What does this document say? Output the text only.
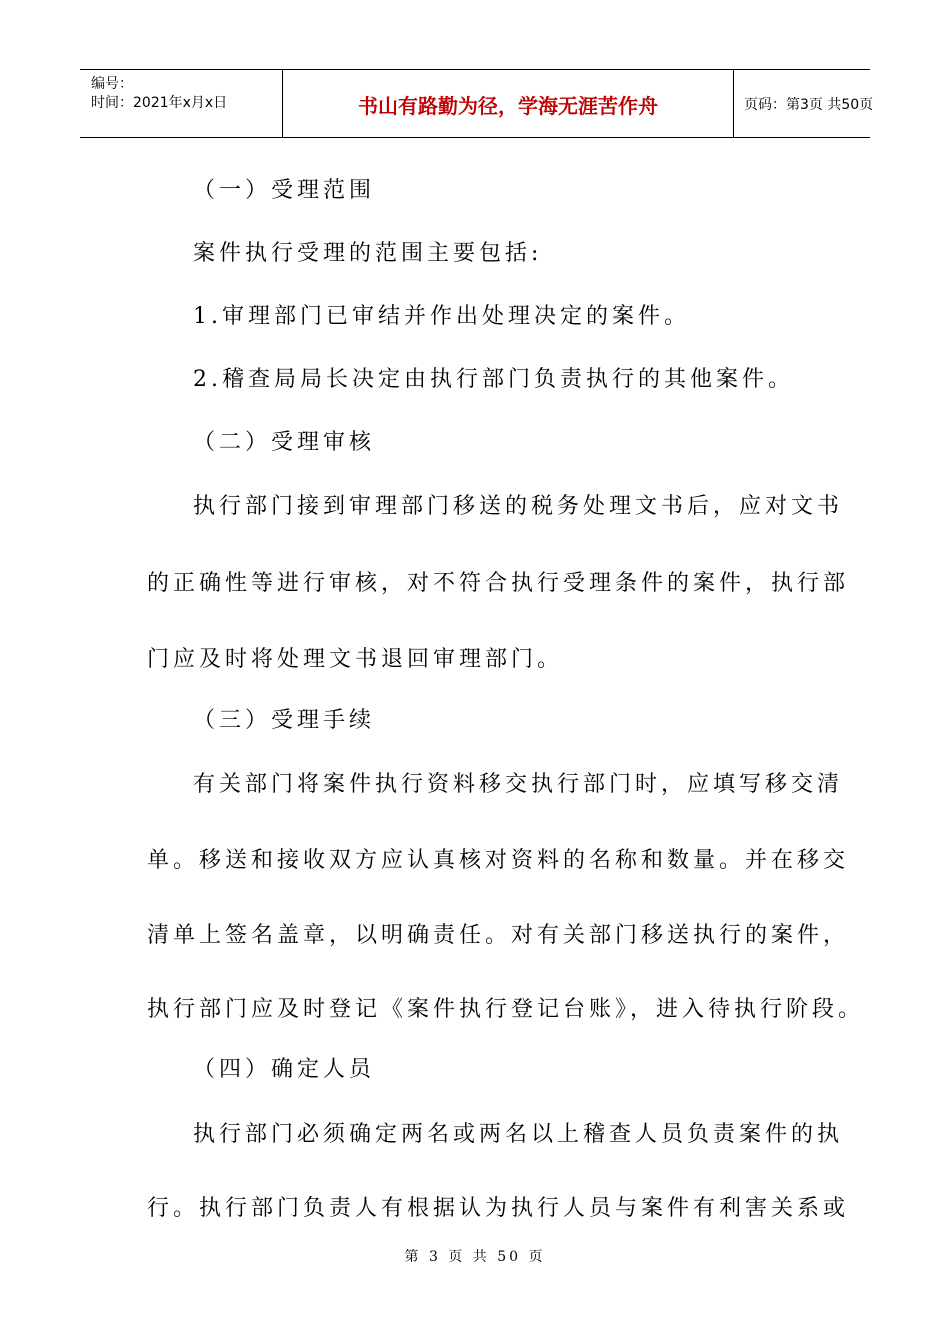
编号：
时间：2021年x月x日	书山有路勤为径，学海无涯苦作舟	页码：第3页 共50页
（一）受理范围
案件执行受理的范围主要包括:
1.审理部门已审结并作出处理决定的案件。
2.稽查局局长决定由执行部门负责执行的其他案件。
（二）受理审核
执行部门接到审理部门移送的税务处理文书后，应对文书
的正确性等进行审核，对不符合执行受理条件的案件，执行部
门应及时将处理文书退回审理部门。
（三）受理手续
有关部门将案件执行资料移交执行部门时，应填写移交清
单。移送和接收双方应认真核对资料的名称和数量。并在移交
清单上签名盖章，以明确责任。对有关部门移送执行的案件，
执行部门应及时登记《案件执行登记台账》，进入待执行阶段。
（四）确定人员
执行部门必须确定两名或两名以上稽查人员负责案件的执
行。执行部门负责人有根据认为执行人员与案件有利害关系或
第 3 页 共 50 页
